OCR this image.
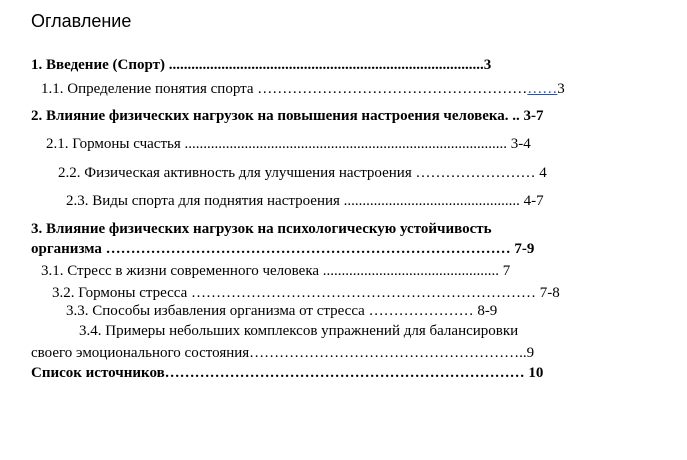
Оглавление
1. Введение (Спорт) ....................................................................................3
1.1. Определение понятия спорта ……………………………………………………3
2. Влияние физических нагрузок на повышения настроения человека. .. 3-7
2.1. Гормоны счастья ...................................................................................... 3-4
2.2. Физическая активность для улучшения настроения …………………… 4
2.3. Виды спорта для поднятия настроения ............................................... 4-7
3. Влияние физических нагрузок на психологическую устойчивость
организма ……………………………………………………………………… 7-9
3.1. Стресс в жизни современного человека ............................................... 7
3.2. Гормоны стресса …………………………………………………………… 7-8
3.3. Способы избавления организма от стресса ………………… 8-9
3.4. Примеры небольших комплексов упражнений для балансировки
своего эмоционального состояния………………………………………………..9
Список источников……………………………………………………………… 10
